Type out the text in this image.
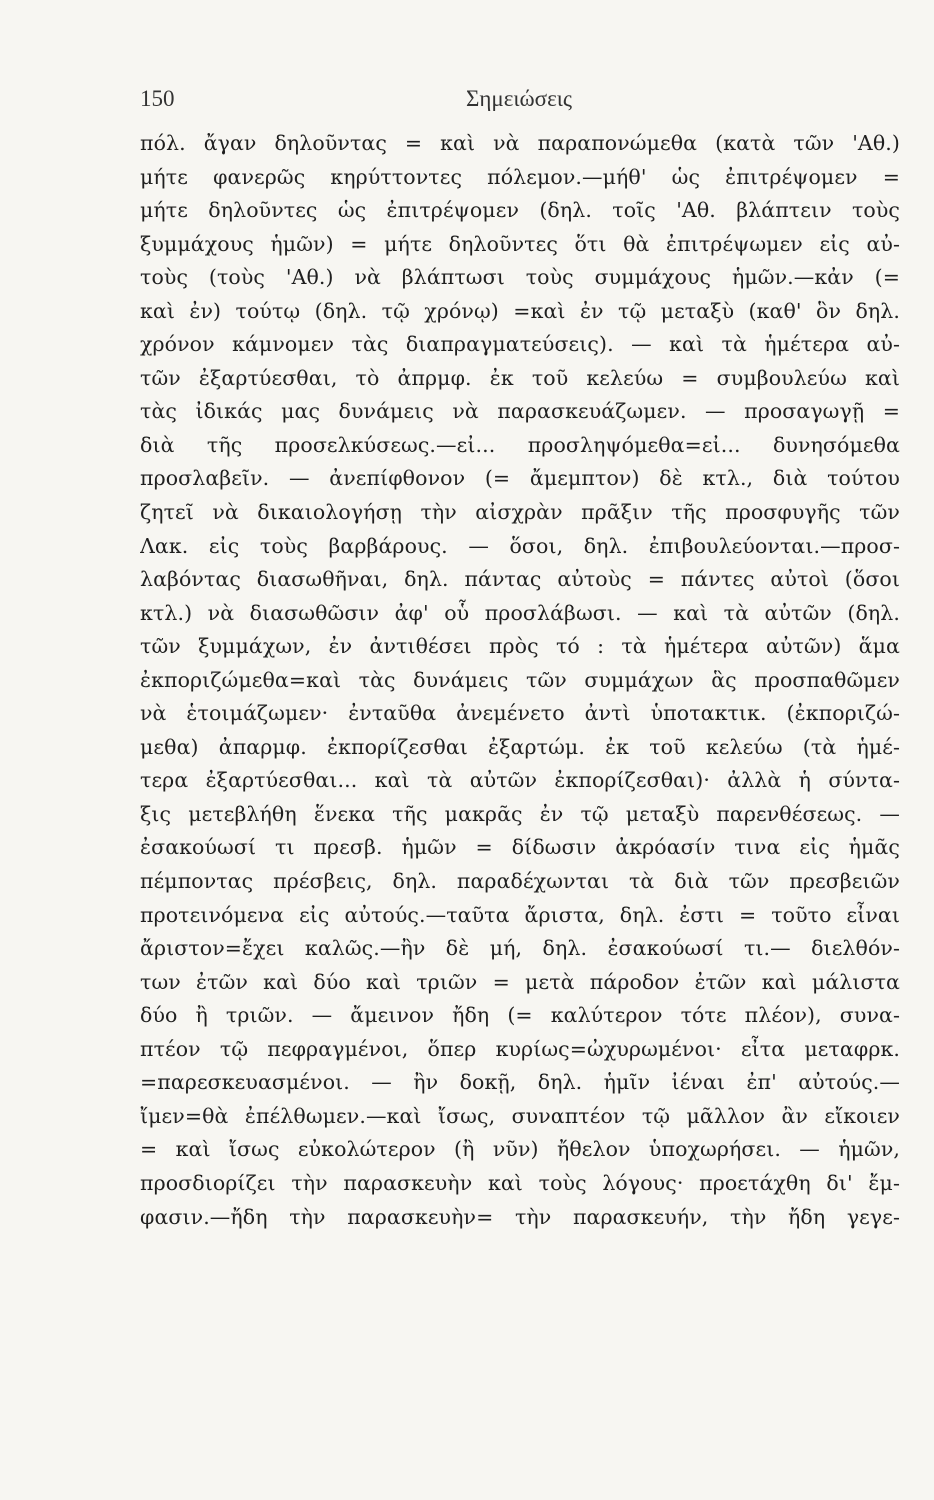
150	Σημειώσεις
πόλ. ἄγαν δηλοῦντας = καὶ νὰ παραπονώμεθα (κατὰ τῶν 'Αθ.)
μήτε φανερῶς κηρύττοντες πόλεμον.—μήθ' ὡς ἐπιτρέψομεν =
μήτε δηλοῦντες ὡς ἐπιτρέψομεν (δηλ. τοῖς 'Αθ. βλάπτειν τοὺς
ξυμμάχους ἡμῶν) = μήτε δηλοῦντες ὅτι θὰ ἐπιτρέψωμεν εἰς αὐ-
τοὺς (τοὺς 'Αθ.) νὰ βλάπτωσι τοὺς συμμάχους ἡμῶν.—κἀν (=
καὶ ἐν) τούτῳ (δηλ. τῷ χρόνῳ) =καὶ ἐν τῷ μεταξὺ (καθ' ὃν δηλ.
χρόνον κάμνομεν τὰς διαπραγματεύσεις). — καὶ τὰ ἡμέτερα αὐ-
τῶν ἐξαρτύεσθαι, τὸ ἀπρμφ. ἐκ τοῦ κελεύω = συμβουλεύω καὶ
τὰς ἰδικάς μας δυνάμεις νὰ παρασκευάζωμεν. — προσαγωγῇ =
διὰ τῆς προσελκύσεως.—εἰ... προσληψόμεθα=εἰ... δυνησόμεθα
προσλαβεῖν. — ἀνεπίφθονον (= ἄμεμπτον) δὲ κτλ., διὰ τούτου
ζητεῖ νὰ δικαιολογήσῃ τὴν αἰσχρὰν πρᾶξιν τῆς προσφυγῆς τῶν
Λακ. εἰς τοὺς βαρβάρους. — ὅσοι, δηλ. ἐπιβουλεύονται.—προσ-
λαβόντας διασωθῆναι, δηλ. πάντας αὐτοὺς = πάντες αὐτοὶ (ὅσοι
κτλ.) νὰ διασωθῶσιν ἀφ' οὗ προσλάβωσι. — καὶ τὰ αὐτῶν (δηλ.
τῶν ξυμμάχων, ἐν ἀντιθέσει πρὸς τό : τὰ ἡμέτερα αὐτῶν) ἅμα
ἐκποριζώμεθα=καὶ τὰς δυνάμεις τῶν συμμάχων ἃς προσπαθῶμεν
νὰ ἑτοιμάζωμεν· ἐνταῦθα ἀνεμένετο ἀντὶ ὑποτακτικ. (ἐκποριζώ-
μεθα) ἀπαρμφ. ἐκπορίζεσθαι ἐξαρτώμ. ἐκ τοῦ κελεύω (τὰ ἡμέ-
τερα ἐξαρτύεσθαι... καὶ τὰ αὐτῶν ἐκπορίζεσθαι)· ἀλλὰ ἡ σύντα-
ξις μετεβλήθη ἕνεκα τῆς μακρᾶς ἐν τῷ μεταξὺ παρενθέσεως. —
ἐσακούωσί τι πρεσβ. ἡμῶν = δίδωσιν ἀκρόασίν τινα εἰς ἡμᾶς
πέμποντας πρέσβεις, δηλ. παραδέχωνται τὰ διὰ τῶν πρεσβειῶν
προτεινόμενα εἰς αὐτούς.—ταῦτα ἄριστα, δηλ. ἐστι = τοῦτο εἶναι
ἄριστον=ἔχει καλῶς.—ἢν δὲ μή, δηλ. ἐσακούωσί τι.— διελθόν-
των ἐτῶν καὶ δύο καὶ τριῶν = μετὰ πάροδον ἐτῶν καὶ μάλιστα
δύο ἢ τριῶν. — ἄμεινον ἤδη (= καλύτερον τότε πλέον), συνα-
πτέον τῷ πεφραγμένοι, ὅπερ κυρίως=ὠχυρωμένοι· εἶτα μεταφρκ.
=παρεσκευασμένοι. — ἢν δοκῇ, δηλ. ἡμῖν ἰέναι ἐπ' αὐτούς.—
ἴμεν=θὰ ἐπέλθωμεν.—καὶ ἴσως, συναπτέον τῷ μᾶλλον ἂν εἴκοιεν
= καὶ ἴσως εὐκολώτερον (ἢ νῦν) ἤθελον ὑποχωρήσει. — ἡμῶν,
προσδιορίζει τὴν παρασκευὴν καὶ τοὺς λόγους· προετάχθη δι' ἔμ-
φασιν.—ἤδη τὴν παρασκευὴν= τὴν παρασκευήν, τὴν ἤδη γεγε-
